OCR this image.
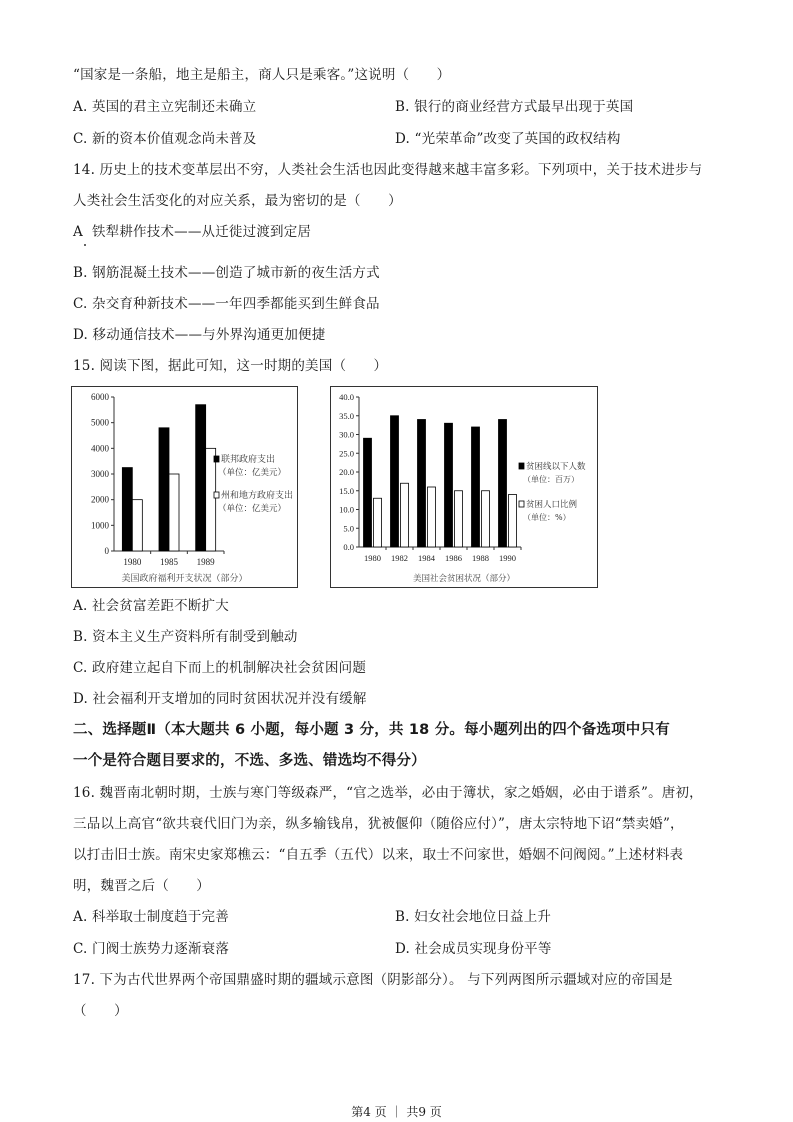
“国家是一条船，地主是船主，商人只是乘客。”这说明（　　）
A. 英国的君主立宪制还未确立	B. 银行的商业经营方式最早出现于英国
C. 新的资本价值观念尚未普及	D. “光荣革命”改变了英国的政权结构
14. 历史上的技术变革层出不穷，人类社会生活也因此变得越来越丰富多彩。下列项中，关于技术进步与
人类社会生活变化的对应关系，最为密切的是（　　）
A 铁犁耕作技术——从迁徙过渡到定居
B. 钢筋混凝土技术——创造了城市新的夜生活方式
C. 杂交育种新技术——一年四季都能买到生鲜食品
D. 移动通信技术——与外界沟通更加便捷
15. 阅读下图，据此可知，这一时期的美国（　　）
0
1000
2000
3000
4000
5000
6000
1980 1985 1989
联邦政府支出
（单位：亿美元）
州和地方政府支出
（单位：亿美元）
美国政府福利开支状况（部分）
0.0
5.0
10.0
15.0
20.0
25.0
30.0
35.0
40.0
1980 1982 1984 1986 1988 1990
贫困线以下人数
（单位：百万）
贫困人口比例
（单位：%）
美国社会贫困状况（部分）
A. 社会贫富差距不断扩大
B. 资本主义生产资料所有制受到触动
C. 政府建立起自下而上的机制解决社会贫困问题
D. 社会福利开支增加的同时贫困状况并没有缓解
二、选择题Ⅱ（本大题共 6 小题，每小题 3 分，共 18 分。每小题列出的四个备选项中只有
一个是符合题目要求的，不选、多选、错选均不得分）
16. 魏晋南北朝时期，士族与寒门等级森严，“官之选举，必由于簿状，家之婚姻，必由于谱系”。唐初，
三品以上高官“欲共衰代旧门为亲，纵多输钱帛，犹被偃仰（随俗应付）”，唐太宗特地下诏“禁卖婚”，
以打击旧士族。南宋史家郑樵云：“自五季（五代）以来，取士不问家世，婚姻不问阀阅。”上述材料表
明，魏晋之后（　　）
A. 科举取士制度趋于完善	B. 妇女社会地位日益上升
C. 门阀士族势力逐渐衰落	D. 社会成员实现身份平等
17. 下为古代世界两个帝国鼎盛时期的疆域示意图（阴影部分）。 与下列两图所示疆域对应的帝国是
（　　）
第4 页 ｜ 共9 页
